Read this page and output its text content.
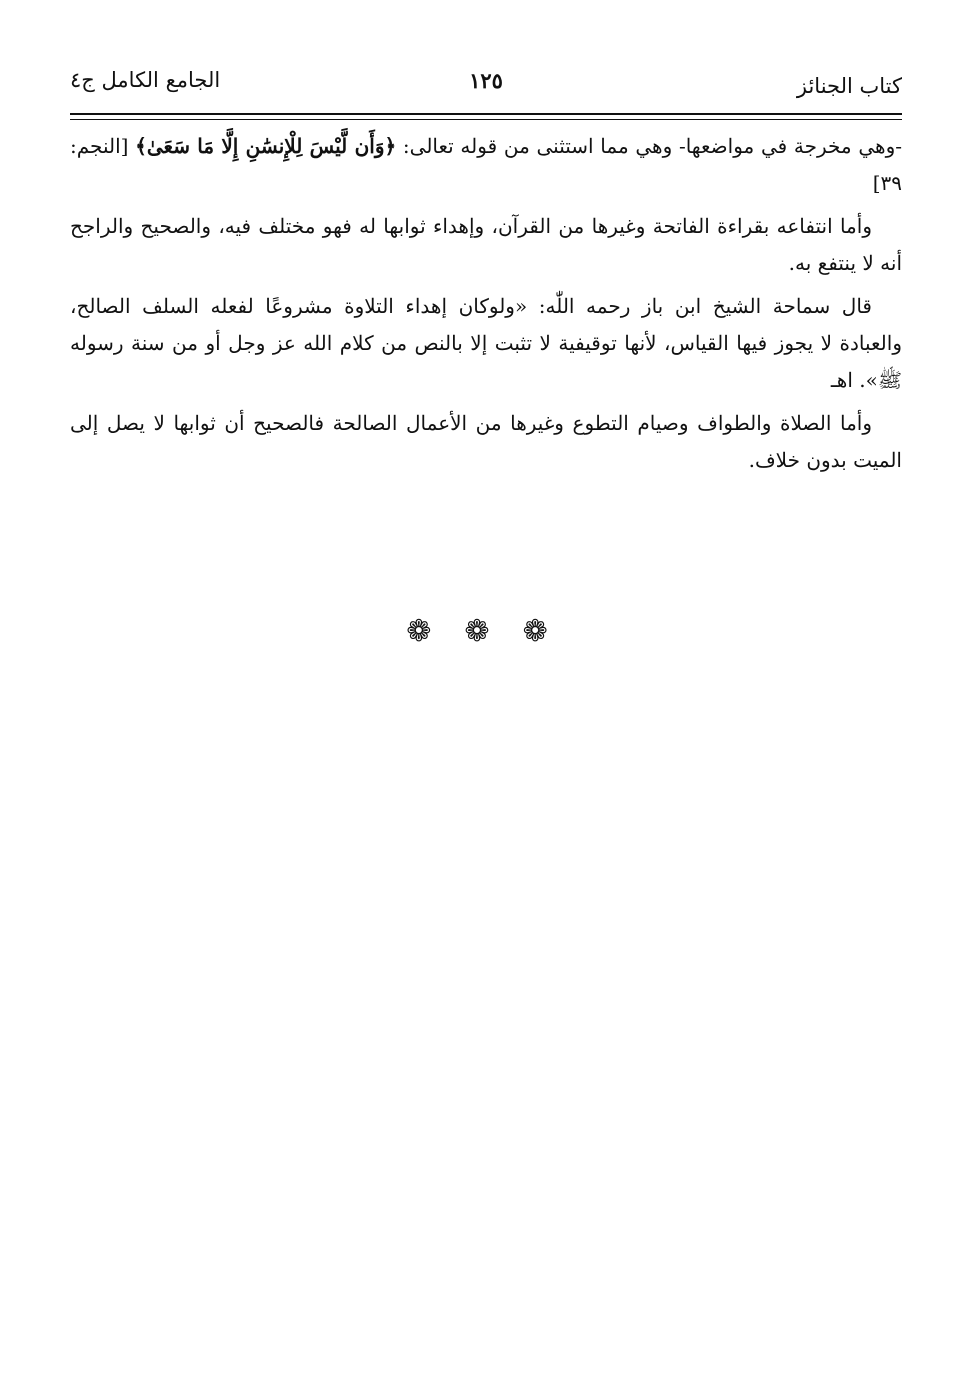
كتاب الجنائز
١٢٥
الجامع الكامل ج٤

-وهي مخرجة في مواضعها- وهي مما استثنى من قوله تعالى: ﴿وَأَن لَّيْسَ لِلْإِنسَٰنِ إِلَّا مَا سَعَىٰ﴾ [النجم: ٣٩]

وأما انتفاعه بقراءة الفاتحة وغيرها من القرآن، وإهداء ثوابها له فهو مختلف فيه، والصحيح والراجح أنه لا ينتفع به.

قال سماحة الشيخ ابن باز رحمه اللّٰه: «ولوكان إهداء التلاوة مشروعًا لفعله السلف الصالح، والعبادة لا يجوز فيها القياس، لأنها توقيفية لا تثبت إلا بالنص من كلام الله عز وجل أو من سنة رسوله ﷺ». اهـ

وأما الصلاة والطواف وصيام التطوع وغيرها من الأعمال الصالحة فالصحيح أن ثوابها لا يصل إلى الميت بدون خلاف.

❁ ❁ ❁
